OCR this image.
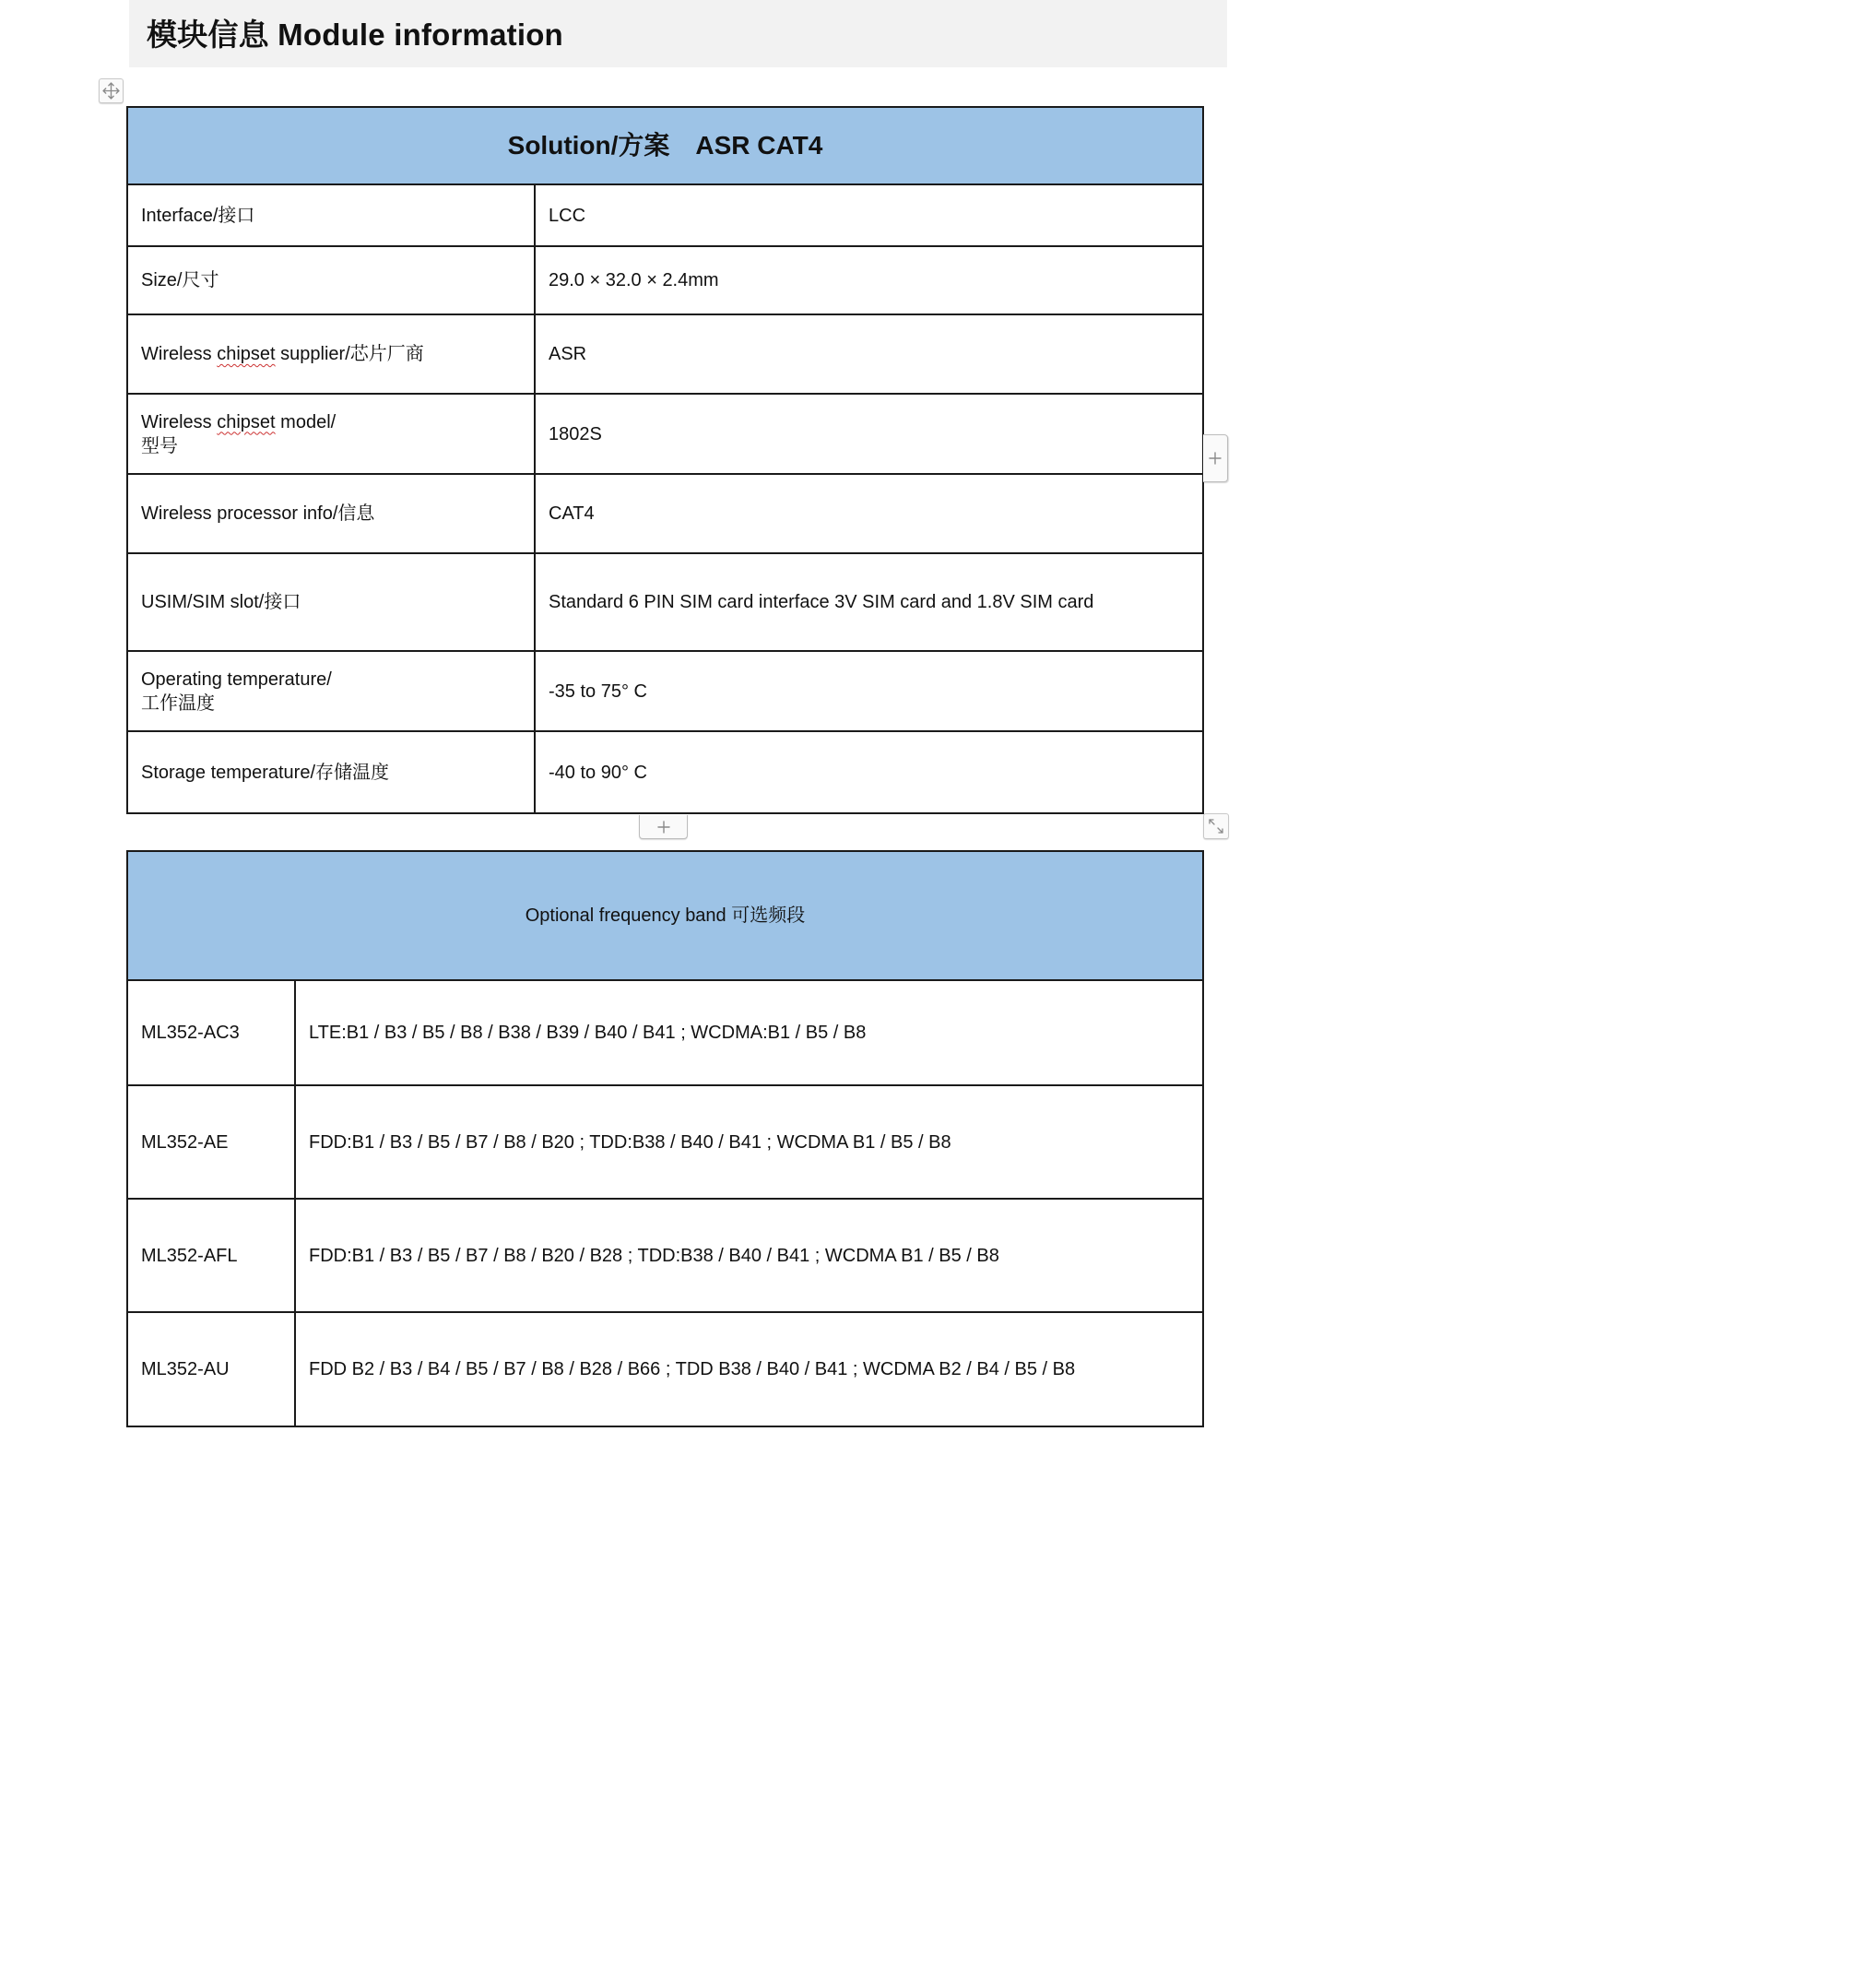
模块信息 Module information
Solution/方案　ASR CAT4	
Interface/接口	LCC
Size/尺寸	29.0 × 32.0 × 2.4mm
Wireless chipset supplier/芯片厂商	ASR
Wireless chipset model/
型号	1802S
Wireless processor info/信息	CAT4
USIM/SIM slot/接口	Standard 6 PIN SIM card interface 3V SIM card and 1.8V SIM card
Operating temperature/
工作温度	-35 to 75° C
Storage temperature/存储温度	-40 to 90° C
Optional frequency band 可选频段	
ML352-AC3	LTE:B1 / B3 / B5 / B8 / B38 / B39 / B40 / B41 ; WCDMA:B1 / B5 / B8
ML352-AE	FDD:B1 / B3 / B5 / B7 / B8 / B20 ; TDD:B38 / B40 / B41 ; WCDMA B1 / B5 / B8
ML352-AFL	FDD:B1 / B3 / B5 / B7 / B8 / B20 / B28 ; TDD:B38 / B40 / B41 ; WCDMA B1 / B5 / B8
ML352-AU	FDD B2 / B3 / B4 / B5 / B7 / B8 / B28 / B66 ; TDD B38 / B40 / B41 ; WCDMA B2 / B4 / B5 / B8
